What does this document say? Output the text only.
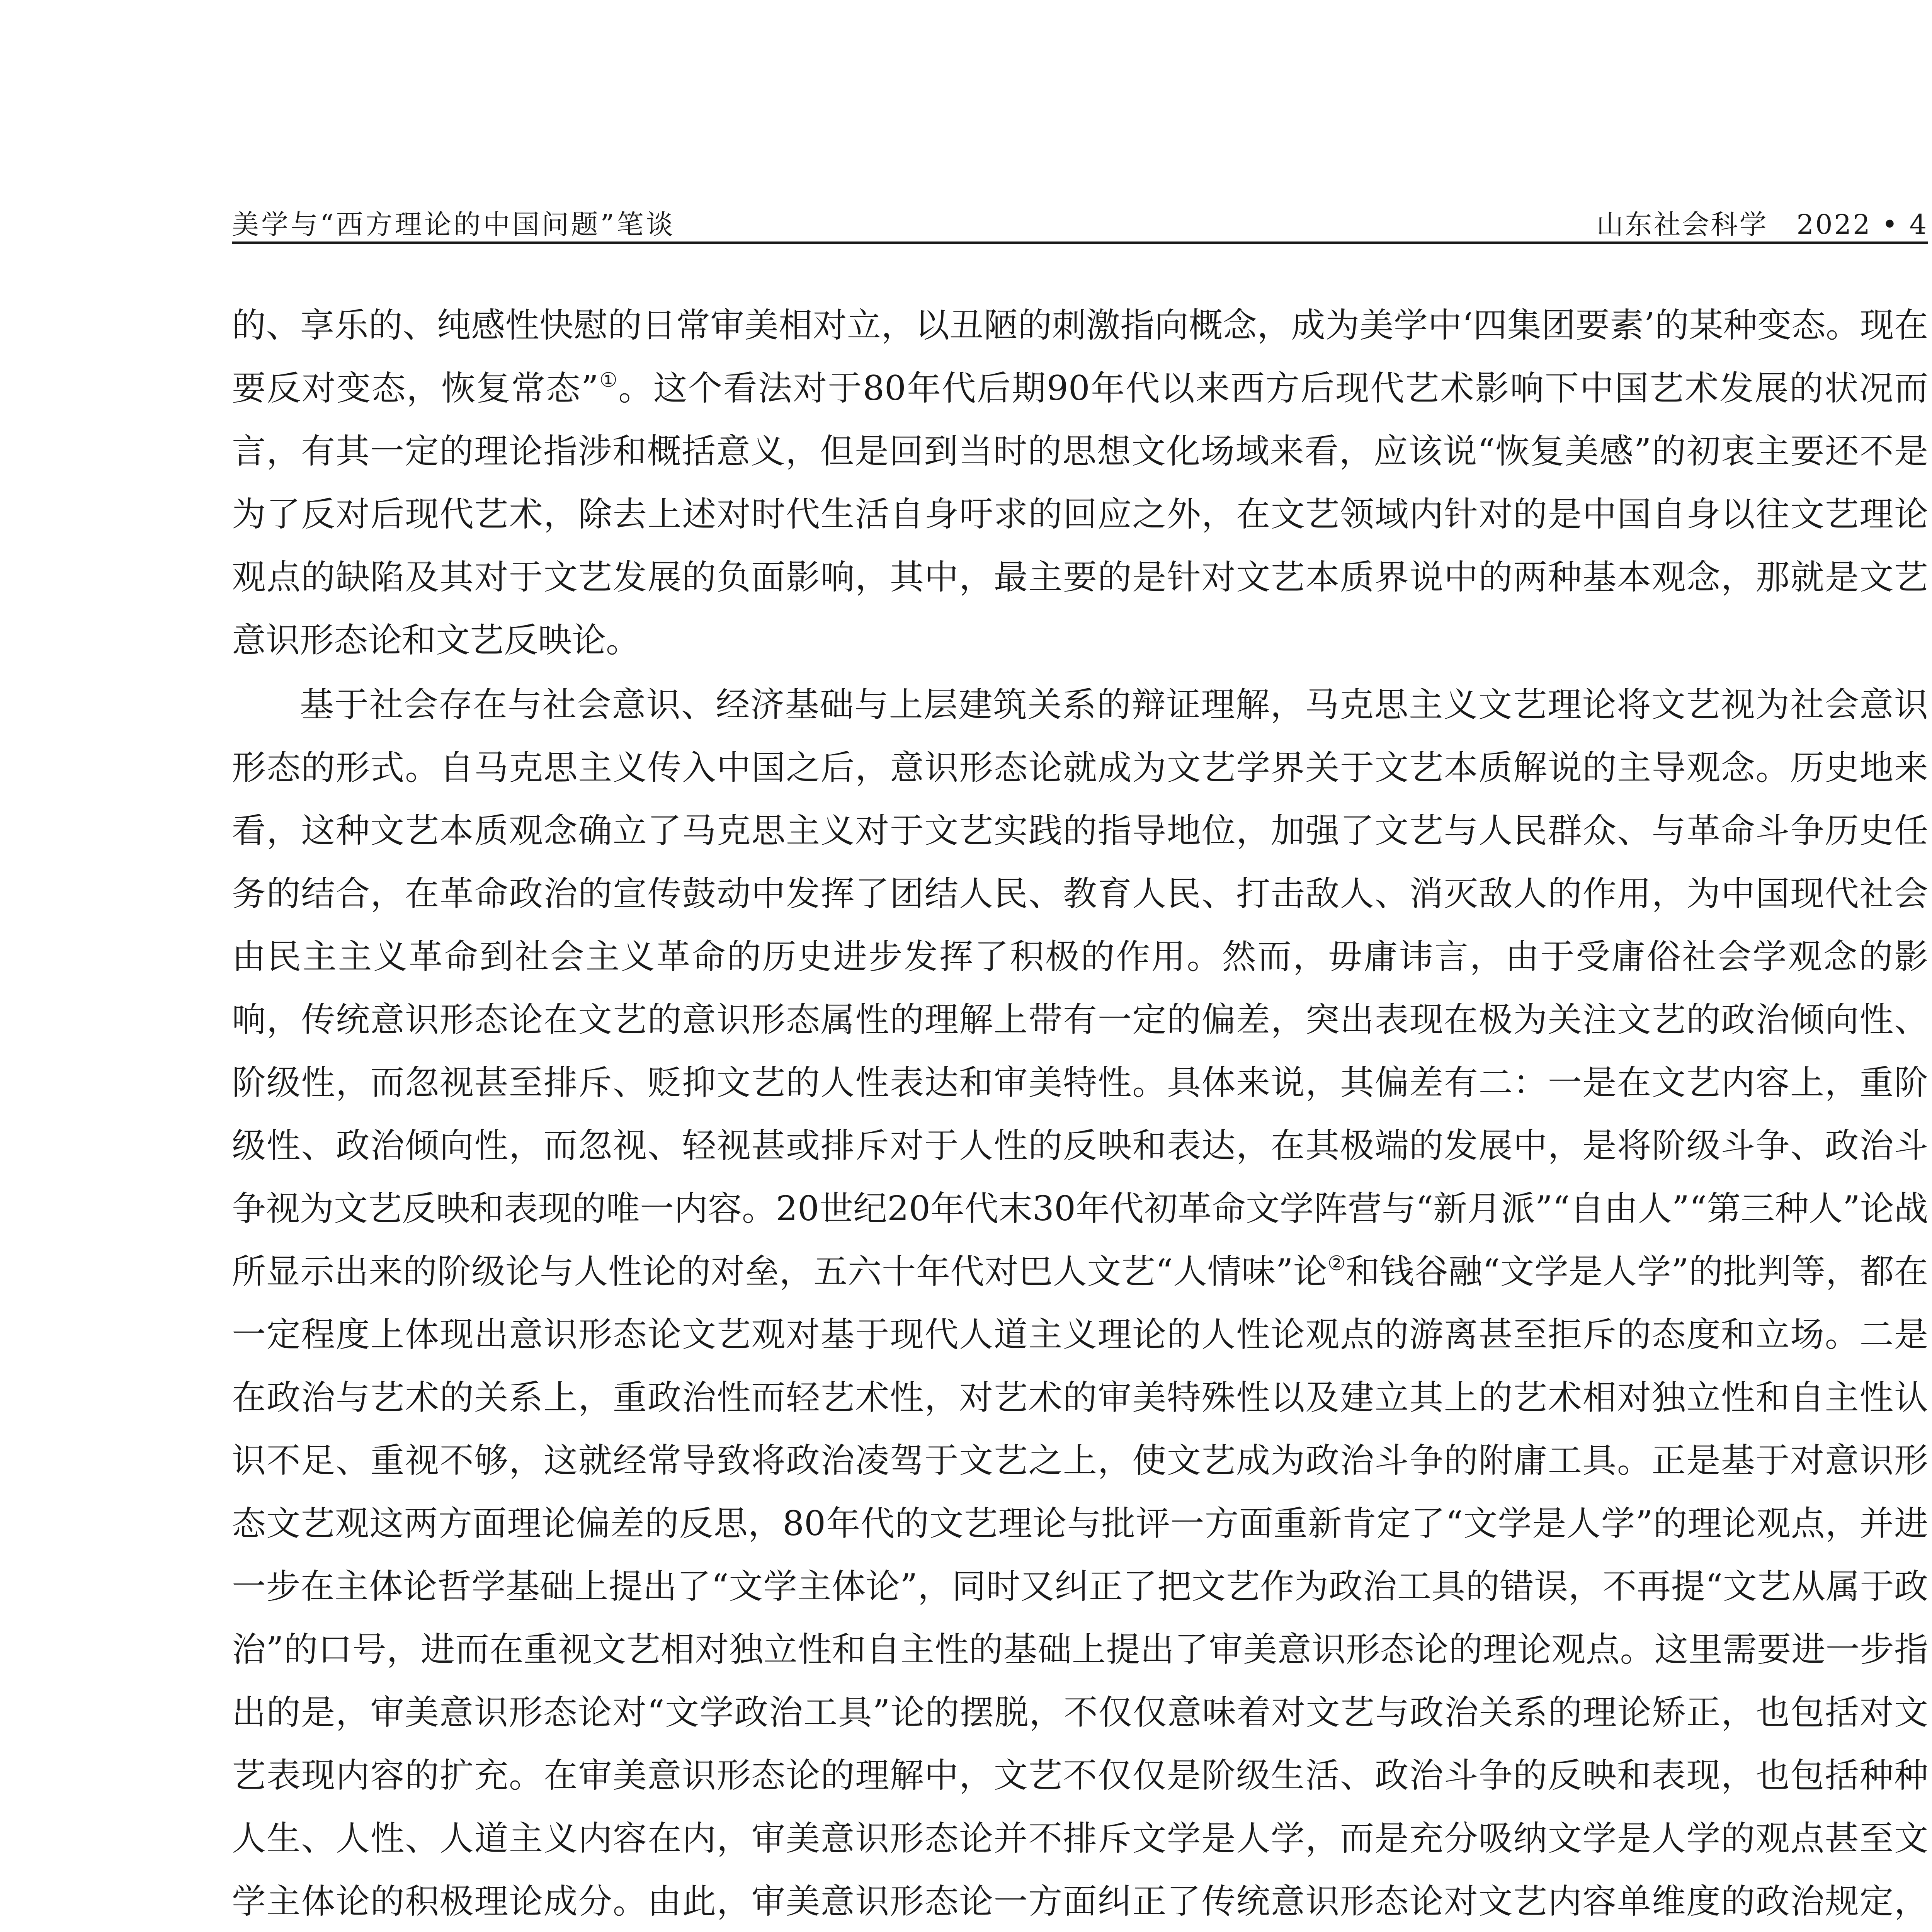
美学与“西方理论的中国问题”笔谈	山东社会科学　2022 • 4

的、享乐的、纯感性快慰的日常审美相对立，以丑陋的刺激指向概念，成为美学中‘四集团要素’的某种变态。现在要反对变态，恢复常态”①。这个看法对于80年代后期90年代以来西方后现代艺术影响下中国艺术发展的状况而言，有其一定的理论指涉和概括意义，但是回到当时的思想文化场域来看，应该说“恢复美感”的初衷主要还不是为了反对后现代艺术，除去上述对时代生活自身吁求的回应之外，在文艺领域内针对的是中国自身以往文艺理论观点的缺陷及其对于文艺发展的负面影响，其中，最主要的是针对文艺本质界说中的两种基本观念，那就是文艺意识形态论和文艺反映论。

基于社会存在与社会意识、经济基础与上层建筑关系的辩证理解，马克思主义文艺理论将文艺视为社会意识形态的形式。自马克思主义传入中国之后，意识形态论就成为文艺学界关于文艺本质解说的主导观念。历史地来看，这种文艺本质观念确立了马克思主义对于文艺实践的指导地位，加强了文艺与人民群众、与革命斗争历史任务的结合，在革命政治的宣传鼓动中发挥了团结人民、教育人民、打击敌人、消灭敌人的作用，为中国现代社会由民主主义革命到社会主义革命的历史进步发挥了积极的作用。然而，毋庸讳言，由于受庸俗社会学观念的影响，传统意识形态论在文艺的意识形态属性的理解上带有一定的偏差，突出表现在极为关注文艺的政治倾向性、阶级性，而忽视甚至排斥、贬抑文艺的人性表达和审美特性。具体来说，其偏差有二：一是在文艺内容上，重阶级性、政治倾向性，而忽视、轻视甚或排斥对于人性的反映和表达，在其极端的发展中，是将阶级斗争、政治斗争视为文艺反映和表现的唯一内容。20世纪20年代末30年代初革命文学阵营与“新月派”“自由人”“第三种人”论战所显示出来的阶级论与人性论的对垒，五六十年代对巴人文艺“人情味”论②和钱谷融“文学是人学”的批判等，都在一定程度上体现出意识形态论文艺观对基于现代人道主义理论的人性论观点的游离甚至拒斥的态度和立场。二是在政治与艺术的关系上，重政治性而轻艺术性，对艺术的审美特殊性以及建立其上的艺术相对独立性和自主性认识不足、重视不够，这就经常导致将政治凌驾于文艺之上，使文艺成为政治斗争的附庸工具。正是基于对意识形态文艺观这两方面理论偏差的反思，80年代的文艺理论与批评一方面重新肯定了“文学是人学”的理论观点，并进一步在主体论哲学基础上提出了“文学主体论”，同时又纠正了把文艺作为政治工具的错误，不再提“文艺从属于政治”的口号，进而在重视文艺相对独立性和自主性的基础上提出了审美意识形态论的理论观点。这里需要进一步指出的是，审美意识形态论对“文学政治工具”论的摆脱，不仅仅意味着对文艺与政治关系的理论矫正，也包括对文艺表现内容的扩充。在审美意识形态论的理解中，文艺不仅仅是阶级生活、政治斗争的反映和表现，也包括种种人生、人性、人道主义内容在内，审美意识形态论并不排斥文学是人学，而是充分吸纳文学是人学的观点甚至文学主体论的积极理论成分。由此，审美意识形态论一方面纠正了传统意识形态论对文艺内容单维度的政治规定，
